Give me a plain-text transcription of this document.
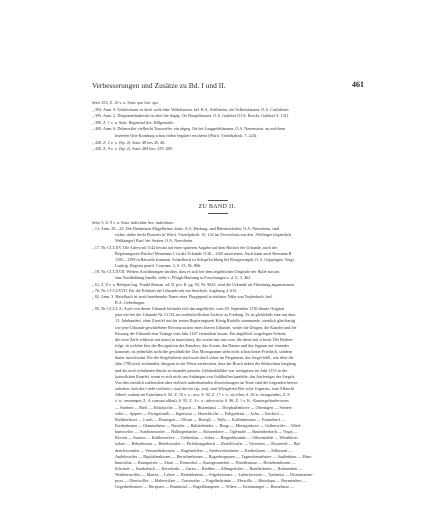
Verbesserungen und Zusätze zu Bd. I und II.	461
Seite 253, Z. 10 v. u. Statt: quo lies: qui.
„ 392, Anm. 9. Unbeholsam ist doch wohl eher Volkshausen, bzl. B.A. Adelsheim, als Volkershausen, O.A. Crailsheim.
„ 395, Anm. 2. Diegmaierhubrecht ist eher die abgeg. Ort Haspelhausen, O.A. Gaildorf (O.A. Beschr. Gaildorf S. 141).
„ 399, Z. 1 v. u. Statt: Regenstal lies: Rillgentaile.
„ 400, Anm. 6. Dubeswiler vielleicht Trauweiler, ein abgeg. Ort bei Lauppeldshausen, O.A. Neuenstein, an welchem
letzteren Orte Komburg schon früher begütert erscheint (Württ. Vierteljahrsh. 7, 224).
„ 428, Z. 2 v. o. (Sp. 2). Statt: 48 lies 45. 46.
„ 430, Z. 9 v. o. (Sp. 2). Statt: 269 lies: 259, 280.
ZU BAND II.
Seite 5, Z. 9 v. u. Statt: individue lies: individuae.
„ 13, Anm. 29—25. Die Denhausen Magelbeinst, baier. A.G. Harburg, und Balmertshofen, O.A. Neresheim, sind
sicher, daher deckt Bosserts in Württ. Vierteljahrsh. 10, 142 im Verzeichnis nur den „Wellinger (eigentlich
Walkringer) Bau“ bei Stetten, O.A. Neresheim.
„ 17, Nr. CCCXV. Die Adresvatl 1142 beruht auf einer späteren Angabe auf dem Rücken der Urkunde, nach der
Regierungszeit Bischof Hermanns I. ist die Urkunde 1138—1165 anzusetzen. Auch kann auch Hermann II.
1183—1189 in Betracht kommen. Scharfbach ist Schopflochberg bei Reisgesriegsh, O.A. Göppingen. Vergl.
Ludwig, Regesta pontif. Constant. 3, S. 13, Nr. 866.
„ 19, Nr. CCCXVII. Weiters Ausführungen darüber, dass es sich bei dem angeblichen Originale der Bulle nur um
eine Nachbildung handle, siehe v. Pflugk-Harttung in Forschungen z. d. G. 3, 462.
„ 61, Z. 8 v. u. Belegen bzg. Ponthl Roman. ed. II. pro. II. pg. 93, Nr. 9623, wird die Urkunde als Fälschung angenommen.
„ 76, Nr. CCCLXVII. Für die Echtheit der Urkunde tritt ein Steichele, Augsburg 4, 613.
„ 82, Anm. 3. Haselbach ist noch bestehender Name einer Flurgegend in nächster Nähe von Teplenbach, bzd.
B.A. Ueberlingen.
„ 95, Nr. CCCL A. Auch von dieser Urkunde befindet sich das angebliche, vom 29. September 1150 datirte Original
jetzt wie bei der Urkunde Nr. CCXL im erzbischöflichen Archive zu Freiburg. Es ist gleichfalls eine aus dem
13. Jahrhundert, ohne Zweifel aus der ersten Regierungszeit König Rudolfs stammende, ziemlich gleichartig
wie jene Urkunde geschriebene Reconstruction einer älteren Urkunde, wobei die Zeugen, die Kanzlei und die
Fassung der Urkunde eine Vorlage vom Jahr 1167 vermuthen lassen. Ein angeblich vorgelegter Schnitt;
die erste Zeile schliesst mit main (in maiestatis), die zweite mit una com, die dritte mit si beati. Die Reihen-
folge, in welcher hier die Recognition des Kanzlers, das Actum, das Datum und das Signum auf einander
kommen, ist jedenfalls nicht die gewöhnliche. Das Monogramm steht nicht schon hinter Friedrich, sondern
hinter invictissimi. Für die Siegelarbeite sind noch drei Löcher im Pergament, das Siegel fehlt, was über die
Jahr 1790 noch vorhanden, übrigens in der Weise zerbrochen, dass der Bruch neben der Seilaschnur hergieng
und die noch erhaltenen Stücke in einander passten. Gebhardsbilder war wenigstens im Jahr 1153 in der
kaiserlichen Kanzlei, wenn es sich nicht um Anhängen von Goldbullen handelte, das Ausfertiger des Siegels.
Von den ziemlich zahlreichen aber vielfach unbedeutenden Abweichungen im Texte sind die folgenden hervor-
zuheben: statt der t steht vielfach t, statt der ten (sp. zsn), statt Wiesgetten Wie vobe Ungerrus, statt Albrecht
Alherf; sodann im Einzelnen S. 92, Z. 10 v. o.: nos; S. 94, Z. 17 v. o.: sit eilen; S. 28 is: ensagwmbis, Z. 8
v. u.: omnimpet; Z. 4: consura alibat); S. 95, Z. 4 v. o.: advocacia; S. 96, Z. 1 v. K.: Kuntergelrinderowen
— Sunbert — Rielt — Erlachirche — Eypach — Hüxenhaus — Dorphulfenhove — Oberingen — Stetten-
wiler — Spiperr — Ferrigartrulli — Ingersruti — Haeschirche — Fuliginleint — Acha — Kirchtof —
Breitherbsser — Laufs — Brunegen — Olesse — Boergli — Vallu — Kolfenheimirs — Frunseherf —
Erzdenhouen — Glaminiherta — Nussibe — Baltheibrüder — Bings — Mimeginkove — Gotherwiler — Witel-
bartswelier — Asmbranwailer — Hallingenbache — Rossembere — Oglenrale — Brunniberbach — Vogia —
Bevion — Sumers — Knillnweilere — Gebbisbus — Sobes — Riegnebbruntte — Odisentailde — Wienkhtin-
wilare — Bebenhouen — Retteloswiler — Etrlesburgarbach — Rodolfswiler — Vereserus — Rostrerlel — Bal-
derichswenlen — Vemuerlindocutes — Ragisseiffere — Aterbreichenlaten — Kerbesluren — Silbstrauf —
Andeleswiler — Ripolzbenhouen — Beruchenhouen — Rogerbsqepurer — Tagenobemehnwe — Saulenhaus — Hins-
bmiewilar — Ranisperere — Aharf — Dorneshof — Kunigeranreitet — Wasillemisse — Holsebemhouen —
Schranle — Sonderbach — Kerrebraht — Garzu — Radehn — Albingerichte — Buntbecheim — Ruhmenbrn —
Nettibernwiller — Martin — Lelese — Bennbleneria — Engelsteirarre — Luberfoverise — Tynhnrist — Distanienene-
pwrs — Obertwiller — Malersvilaer — Trasewelar — Engelbelsrimte — Ebewille — Hinsalopa — Reymindere —
Gegerbiebentere — Hertpsert — Runinittal — Engelblomperer — Wilere — Kristananger — Bussebarre —
